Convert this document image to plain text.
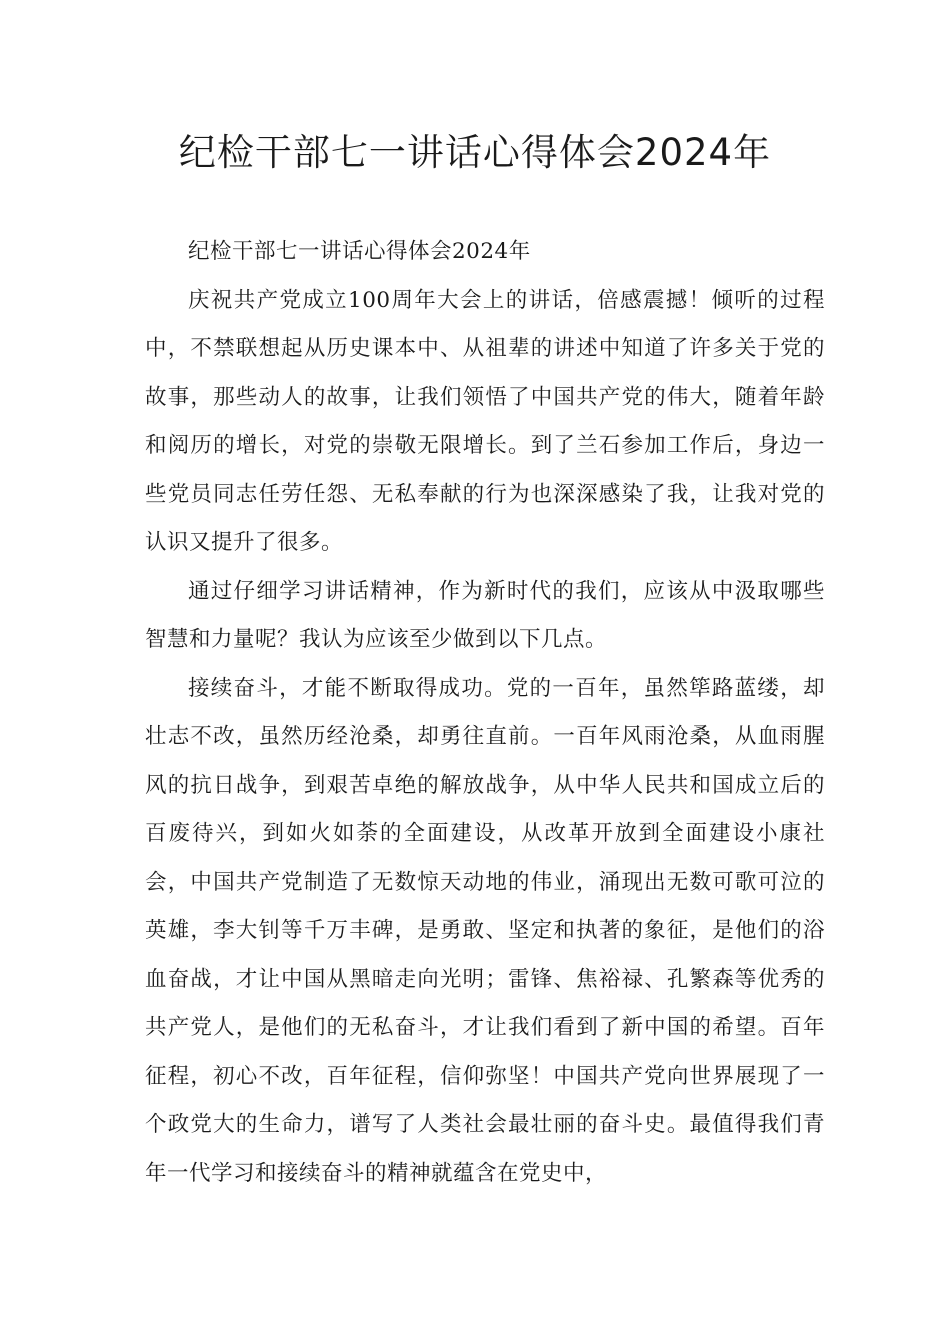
纪检干部七一讲话心得体会2024年

纪检干部七一讲话心得体会2024年

庆祝共产党成立100周年大会上的讲话，倍感震撼！倾听的过程中，不禁联想起从历史课本中、从祖辈的讲述中知道了许多关于党的故事，那些动人的故事，让我们领悟了中国共产党的伟大，随着年龄和阅历的增长，对党的崇敬无限增长。到了兰石参加工作后，身边一些党员同志任劳任怨、无私奉献的行为也深深感染了我，让我对党的认识又提升了很多。

通过仔细学习讲话精神，作为新时代的我们，应该从中汲取哪些智慧和力量呢？我认为应该至少做到以下几点。

接续奋斗，才能不断取得成功。党的一百年，虽然筚路蓝缕，却壮志不改，虽然历经沧桑，却勇往直前。一百年风雨沧桑，从血雨腥风的抗日战争，到艰苦卓绝的解放战争，从中华人民共和国成立后的百废待兴，到如火如荼的全面建设，从改革开放到全面建设小康社会，中国共产党制造了无数惊天动地的伟业，涌现出无数可歌可泣的英雄，李大钊等千万丰碑，是勇敢、坚定和执著的象征，是他们的浴血奋战，才让中国从黑暗走向光明；雷锋、焦裕禄、孔繁森等优秀的共产党人，是他们的无私奋斗，才让我们看到了新中国的希望。百年征程，初心不改，百年征程，信仰弥坚！中国共产党向世界展现了一个政党大的生命力，谱写了人类社会最壮丽的奋斗史。最值得我们青年一代学习和接续奋斗的精神就蕴含在党史中，
